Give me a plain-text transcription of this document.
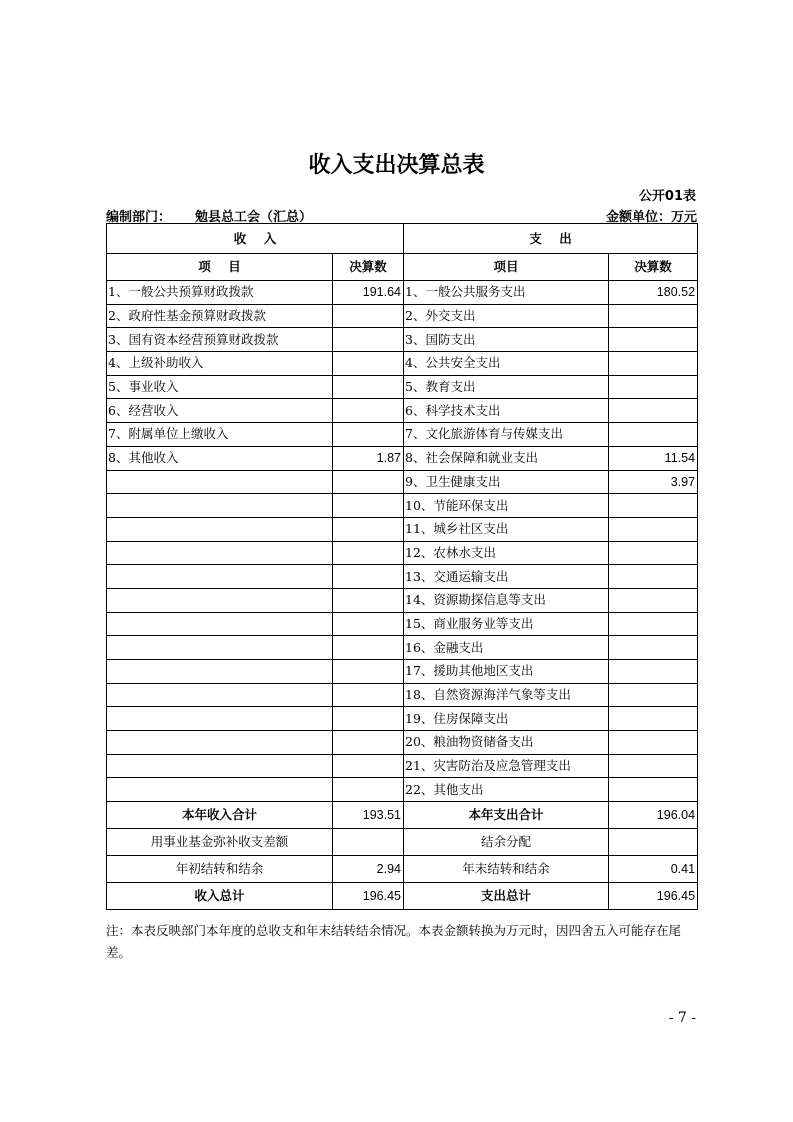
收入支出决算总表
公开01表
编制部门： 勉县总工会（汇总）	金额单位：万元
收    入		支    出	
项    目	决算数	项目	决算数
1、一般公共预算财政拨款	191.64	1、一般公共服务支出	180.52
2、政府性基金预算财政拨款		2、外交支出	
3、国有资本经营预算财政拨款		3、国防支出	
4、上级补助收入		4、公共安全支出	
5、事业收入		5、教育支出	
6、经营收入		6、科学技术支出	
7、附属单位上缴收入		7、文化旅游体育与传媒支出	
8、其他收入	1.87	8、社会保障和就业支出	11.54
		9、卫生健康支出	3.97
		10、节能环保支出	
		11、城乡社区支出	
		12、农林水支出	
		13、交通运输支出	
		14、资源勘探信息等支出	
		15、商业服务业等支出	
		16、金融支出	
		17、援助其他地区支出	
		18、自然资源海洋气象等支出	
		19、住房保障支出	
		20、粮油物资储备支出	
		21、灾害防治及应急管理支出	
		22、其他支出	
本年收入合计	193.51	本年支出合计	196.04
用事业基金弥补收支差额		结余分配	
年初结转和结余	2.94	年末结转和结余	0.41
收入总计	196.45	支出总计	196.45
注：本表反映部门本年度的总收支和年末结转结余情况。本表金额转换为万元时，因四舍五入可能存在尾差。
- 7 -
